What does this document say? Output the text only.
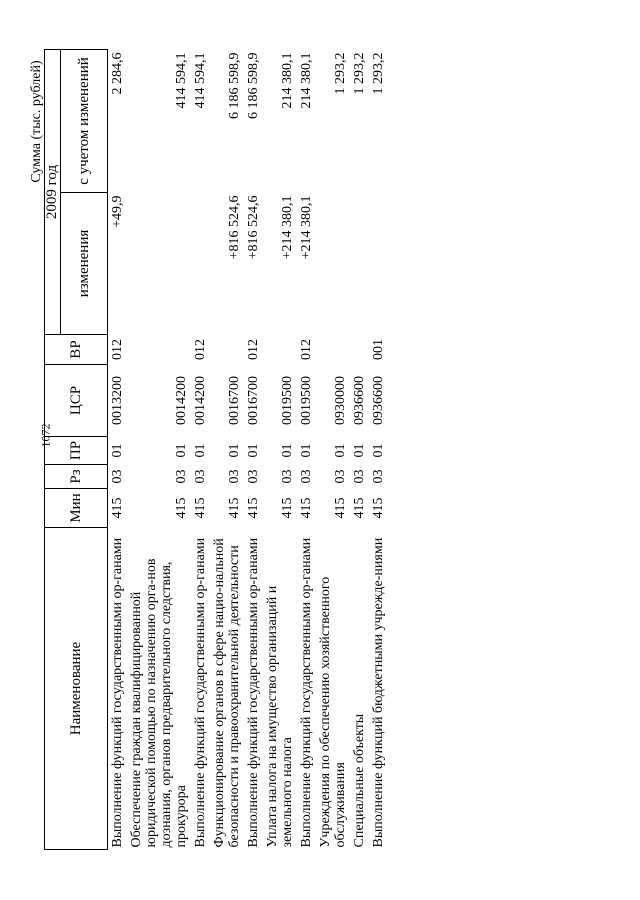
1072
Сумма (тыс. рублей)
Наименование	Мин	Рз	ПР	ЦСР	ВР	2009 год	
						изменения	с учетом изменений
Выполнение функций государственными ор-ганами	415	03	01	0013200	012	+49,9	2 284,6
Обеспечение граждан квалифицированной юридической помощью по назначению орга-нов дознания, органов предварительного следствия, прокурора	415	03	01	0014200			414 594,1
Выполнение функций государственными ор-ганами	415	03	01	0014200	012		414 594,1
Функционирование органов в сфере нацио-нальной безопасности и правоохранительной деятельности	415	03	01	0016700		+816 524,6	6 186 598,9
Выполнение функций государственными ор-ганами	415	03	01	0016700	012	+816 524,6	6 186 598,9
Уплата налога на имущество организаций и земельного налога	415	03	01	0019500		+214 380,1	214 380,1
Выполнение функций государственными ор-ганами	415	03	01	0019500	012	+214 380,1	214 380,1
Учреждения по обеспечению хозяйственного обслуживания	415	03	01	0930000			1 293,2
Специальные объекты	415	03	01	0936600			1 293,2
Выполнение функций бюджетными учрежде-ниями	415	03	01	0936600	001		1 293,2
